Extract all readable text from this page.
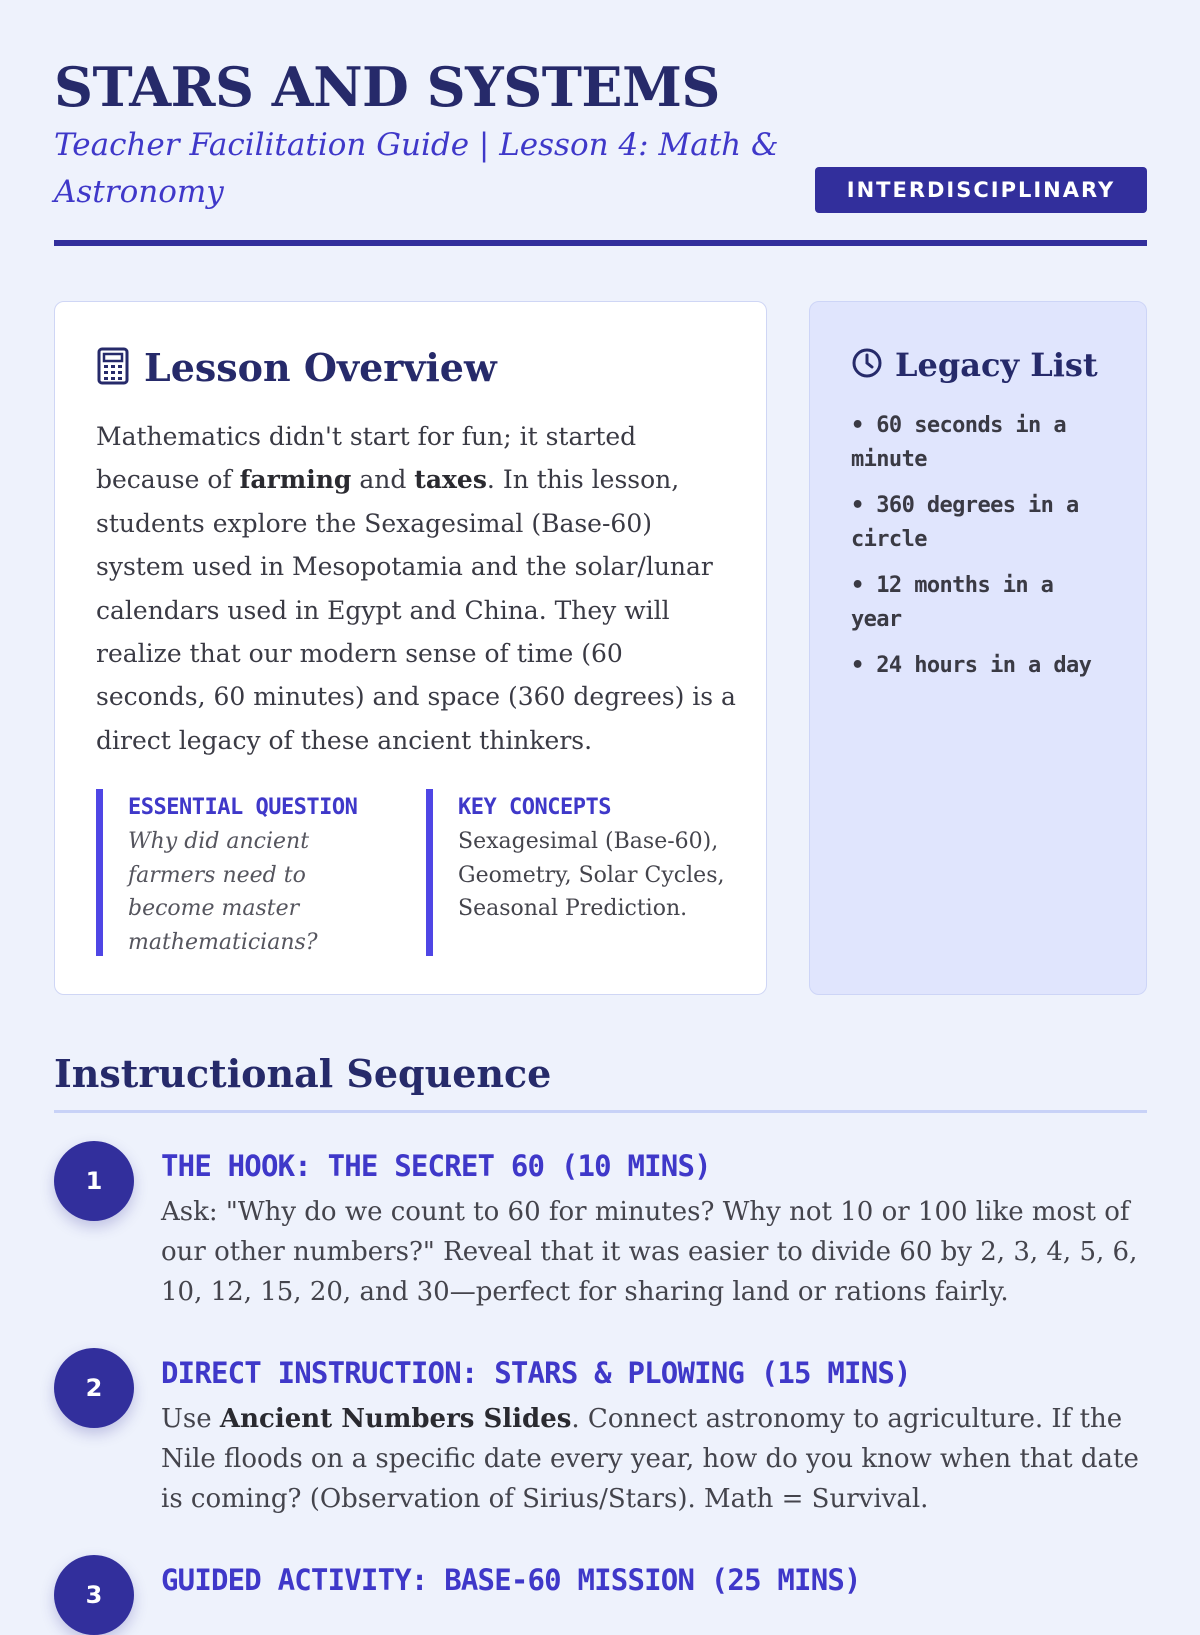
STARS AND SYSTEMS
Teacher Facilitation Guide | Lesson 4: Math & Astronomy	INTERDISCIPLINARY
Lesson Overview

Mathematics didn't start for fun; it started because of farming and taxes. In this lesson, students explore the Sexagesimal (Base-60) system used in Mesopotamia and the solar/lunar calendars used in Egypt and China. They will realize that our modern sense of time (60 seconds, 60 minutes) and space (360 degrees) is a direct legacy of these ancient thinkers.

ESSENTIAL QUESTION
Why did ancient farmers need to become master mathematicians?
KEY CONCEPTS
Sexagesimal (Base-60), Geometry, Solar Cycles, Seasonal Prediction.
Legacy List
• 60 seconds in a minute
• 360 degrees in a circle
• 12 months in a year
• 24 hours in a day
Instructional Sequence
1	THE HOOK: THE SECRET 60 (10 MINS)

Ask: "Why do we count to 60 for minutes? Why not 10 or 100 like most of our other numbers?" Reveal that it was easier to divide 60 by 2, 3, 4, 5, 6, 10, 12, 15, 20, and 30—perfect for sharing land or rations fairly.

2	DIRECT INSTRUCTION: STARS & PLOWING (15 MINS)

Use Ancient Numbers Slides. Connect astronomy to agriculture. If the Nile floods on a specific date every year, how do you know when that date is coming? (Observation of Sirius/Stars). Math = Survival.

3	GUIDED ACTIVITY: BASE-60 MISSION (25 MINS)
